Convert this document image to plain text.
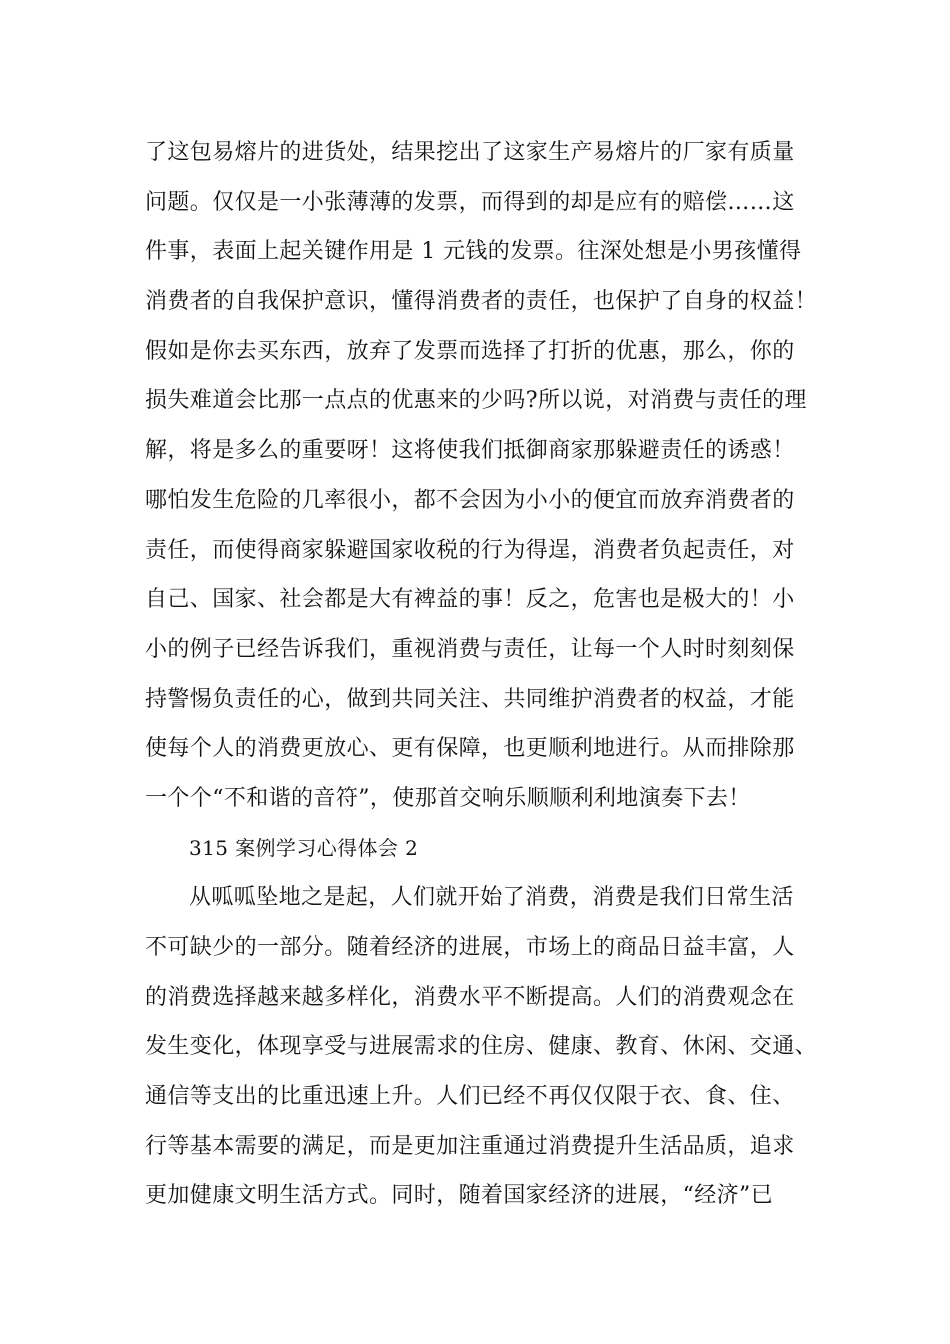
了这包易熔片的进货处，结果挖出了这家生产易熔片的厂家有质量
问题。仅仅是一小张薄薄的发票，而得到的却是应有的赔偿……这
件事，表面上起关键作用是 1 元钱的发票。往深处想是小男孩懂得
消费者的自我保护意识，懂得消费者的责任，也保护了自身的权益！
假如是你去买东西，放弃了发票而选择了打折的优惠，那么，你的
损失难道会比那一点点的优惠来的少吗?所以说，对消费与责任的理
解，将是多么的重要呀！这将使我们抵御商家那躲避责任的诱惑！
哪怕发生危险的几率很小，都不会因为小小的便宜而放弃消费者的
责任，而使得商家躲避国家收税的行为得逞，消费者负起责任，对
自己、国家、社会都是大有裨益的事！反之，危害也是极大的！小
小的例子已经告诉我们，重视消费与责任，让每一个人时时刻刻保
持警惕负责任的心，做到共同关注、共同维护消费者的权益，才能
使每个人的消费更放心、更有保障，也更顺利地进行。从而排除那
一个个“不和谐的音符”，使那首交响乐顺顺利利地演奏下去！
315 案例学习心得体会 2
从呱呱坠地之是起，人们就开始了消费，消费是我们日常生活
不可缺少的一部分。随着经济的进展，市场上的商品日益丰富，人
的消费选择越来越多样化，消费水平不断提高。人们的消费观念在
发生变化，体现享受与进展需求的住房、健康、教育、休闲、交通、
通信等支出的比重迅速上升。人们已经不再仅仅限于衣、食、住、
行等基本需要的满足，而是更加注重通过消费提升生活品质，追求
更加健康文明生活方式。同时，随着国家经济的进展，“经济”已
